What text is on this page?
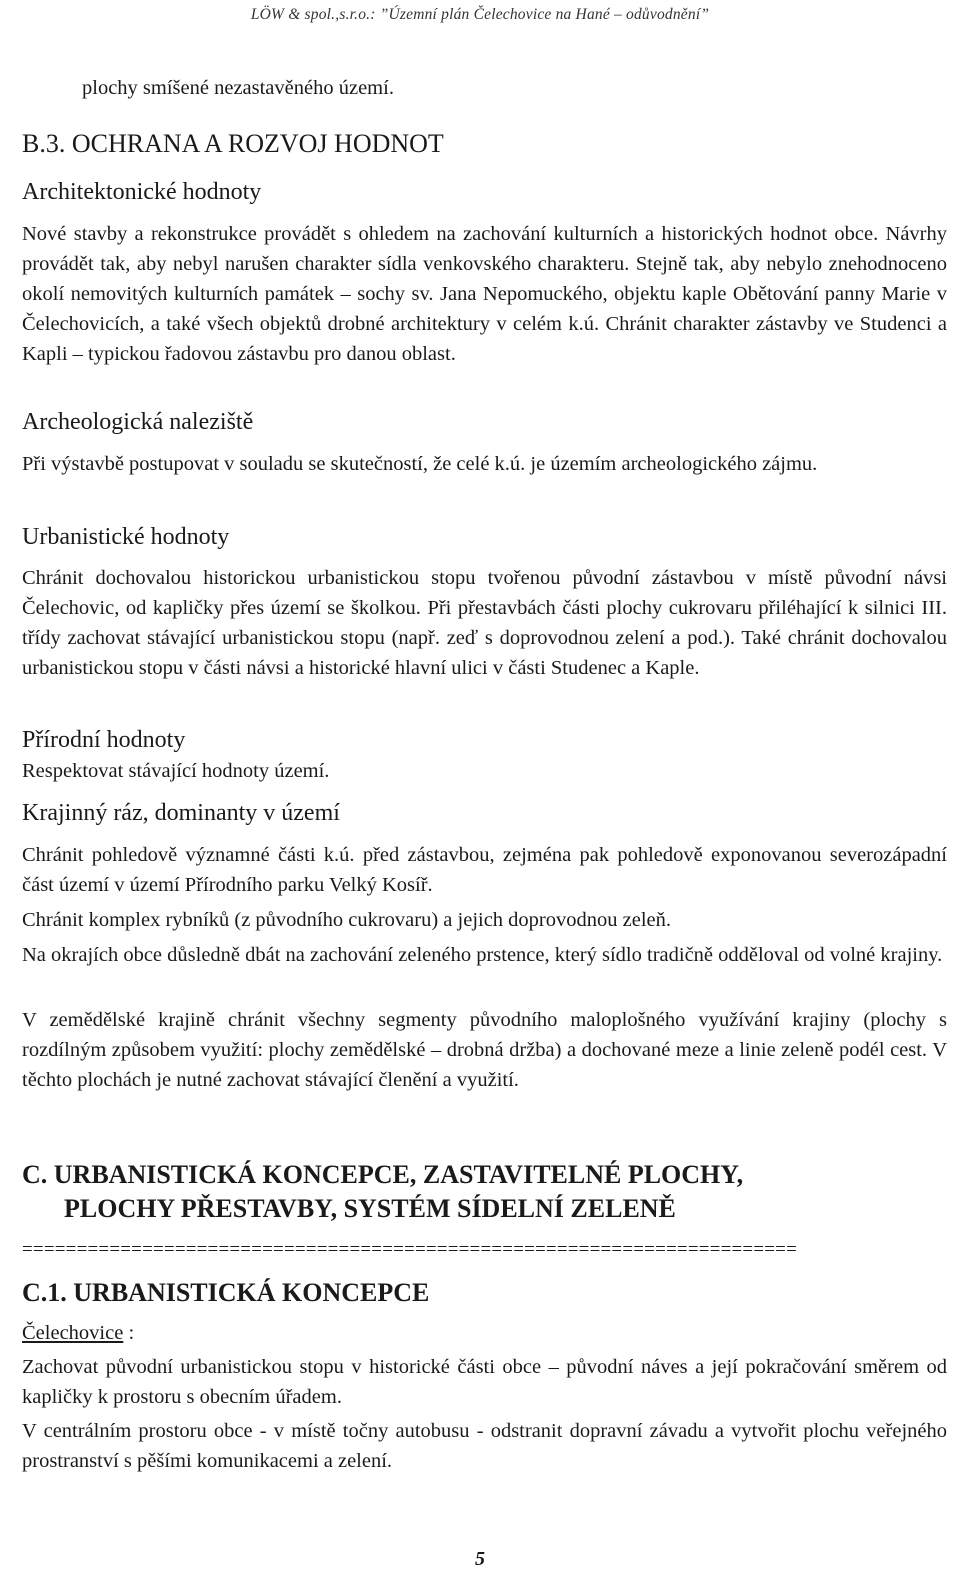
LÖW & spol.,s.r.o.: ”Územní plán Čelechovice na Hané – odůvodnění”

plochy smíšené nezastavěného území.

B.3. OCHRANA A ROZVOJ HODNOT
Architektonické hodnoty

Nové stavby a rekonstrukce provádět s ohledem na zachování kulturních a historických hodnot obce. Návrhy provádět tak, aby nebyl narušen charakter sídla venkovského charakteru. Stejně tak, aby nebylo znehodnoceno okolí nemovitých kulturních památek – sochy sv. Jana Nepomuckého, objektu kaple Obětování panny Marie v Čelechovicích, a také všech objektů drobné architektury v celém k.ú. Chránit charakter zástavby ve Studenci a Kapli – typickou řadovou zástavbu pro danou oblast.

Archeologická naleziště

Při výstavbě postupovat v souladu se skutečností, že celé k.ú. je územím archeologického zájmu.

Urbanistické hodnoty

Chránit dochovalou historickou urbanistickou stopu tvořenou původní zástavbou v místě původní návsi Čelechovic, od kapličky přes území se školkou. Při přestavbách části plochy cukrovaru přiléhající k silnici III. třídy zachovat stávající urbanistickou stopu (např. zeď s doprovodnou zelení a pod.). Také chránit dochovalou urbanistickou stopu v části návsi a historické hlavní ulici v části Studenec a Kaple.

Přírodní hodnoty

Respektovat stávající hodnoty území.

Krajinný ráz, dominanty v území

Chránit pohledově významné části k.ú. před zástavbou, zejména pak pohledově exponovanou severozápadní část území v území Přírodního parku Velký Kosíř.

Chránit komplex rybníků (z původního cukrovaru) a jejich doprovodnou zeleň.

Na okrajích obce důsledně dbát na zachování zeleného prstence, který sídlo tradičně odděloval od volné krajiny.

V zemědělské krajině chránit všechny segmenty původního maloplošného využívání krajiny (plochy s rozdílným způsobem využití: plochy zemědělské – drobná držba) a dochované meze a linie zeleně podél cest. V těchto plochách je nutné zachovat stávající členění a využití.

C. URBANISTICKÁ KONCEPCE, ZASTAVITELNÉ PLOCHY,
PLOCHY PŘESTAVBY, SYSTÉM SÍDELNÍ ZELENĚ
=======================================================================
C.1. URBANISTICKÁ KONCEPCE

Čelechovice :

Zachovat původní urbanistickou stopu v historické části obce – původní náves a její pokračování směrem od kapličky k prostoru s obecním úřadem.

V centrálním prostoru obce - v místě točny autobusu - odstranit dopravní závadu a vytvořit plochu veřejného prostranství s pěšími komunikacemi a zelení.

5
